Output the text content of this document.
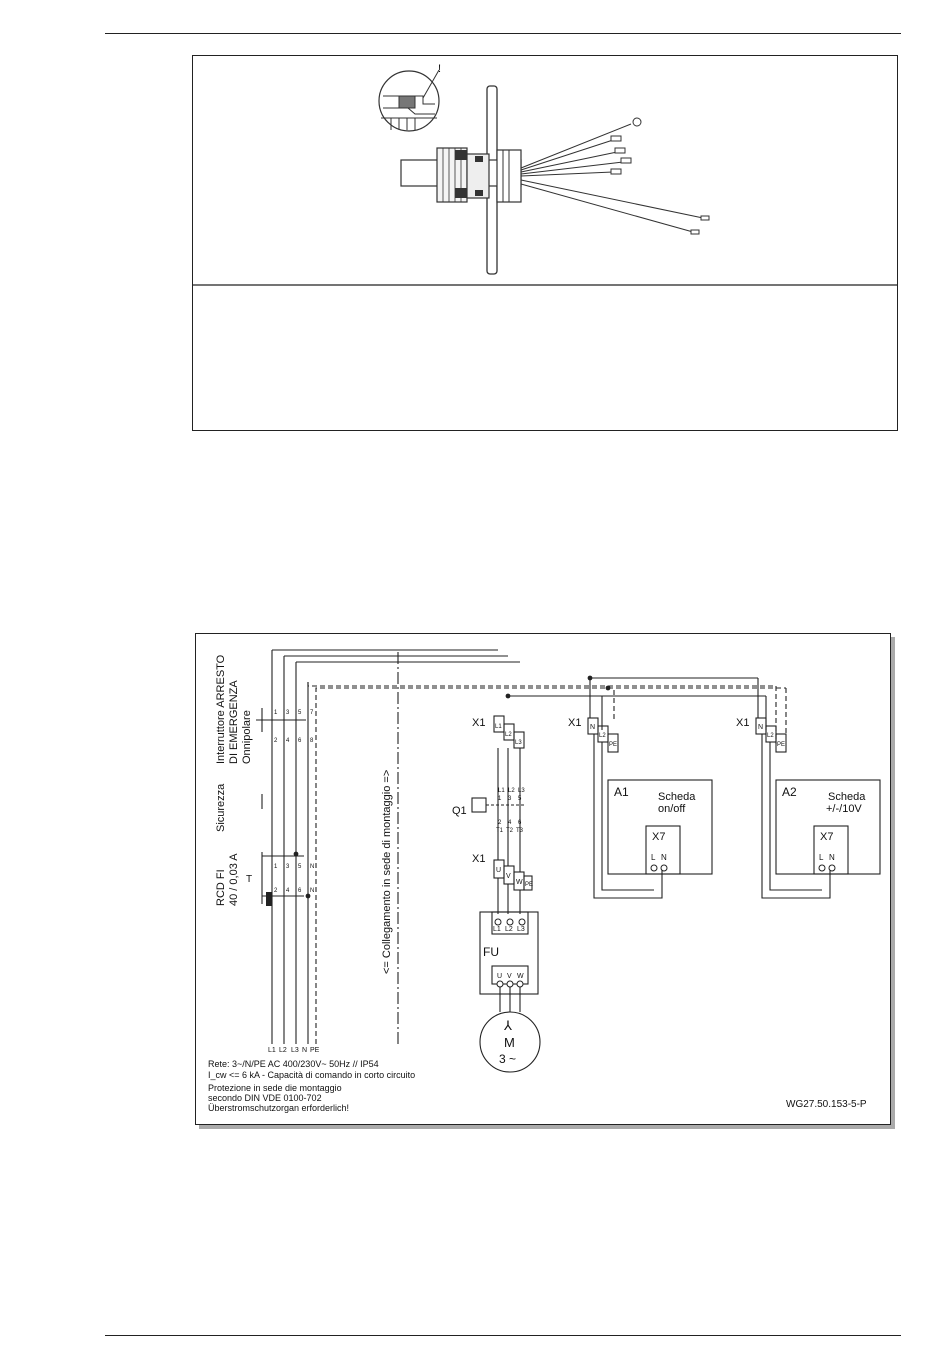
!
Interruttore ARRESTO DI EMERGENZA Onnipolare
Sicurezza
RCD FI 40 / 0,03 A T
1 3 5 7
2 4 6 8
1 3 5 N
2 4 6 N
L1 L2 L3 N PE
<= Collegamento in sede di montaggio =>
X1 L1
L2
L3
Q1
L1 L2 L3
1 3 5
2 4 6
T1 T2 T3
X1
U
V
W PE
FU
L1 L2 L3
U V W
⅄
M
3 ~
X1 N
L2
PE
A1	Scheda
on/off
X7
L N
X1 N
L2
PE
A2	Scheda
+/-/10V
X7
L N
Rete: 3~/N/PE AC 400/230V~ 50Hz // IP54
I_cw <= 6 kA - Capacità di comando in corto circuito
Protezione in sede die montaggio
secondo DIN VDE 0100-702
Überstromschutzorgan erforderlich!	WG27.50.153-5-P
